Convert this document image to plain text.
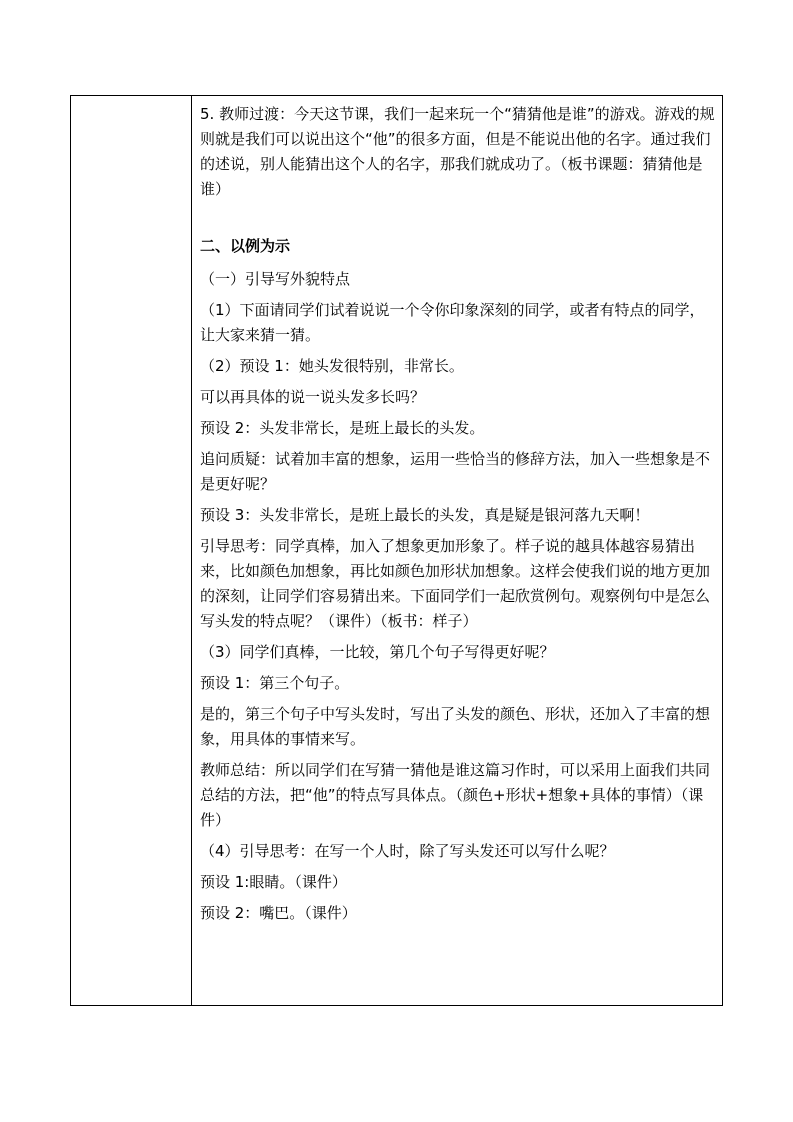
5. 教师过渡：今天这节课，我们一起来玩一个“猜猜他是谁”的游戏。游戏的规则就是我们可以说出这个“他”的很多方面，但是不能说出他的名字。通过我们的述说，别人能猜出这个人的名字，那我们就成功了。（板书课题：猜猜他是谁）

二、以例为示

（一）引导写外貌特点

（1）下面请同学们试着说说一个令你印象深刻的同学，或者有特点的同学，让大家来猜一猜。

（2）预设 1：她头发很特别，非常长。

可以再具体的说一说头发多长吗？

预设 2：头发非常长，是班上最长的头发。

追问质疑：试着加丰富的想象，运用一些恰当的修辞方法，加入一些想象是不是更好呢？

预设 3：头发非常长，是班上最长的头发，真是疑是银河落九天啊！

引导思考：同学真棒，加入了想象更加形象了。样子说的越具体越容易猜出来，比如颜色加想象，再比如颜色加形状加想象。这样会使我们说的地方更加的深刻，让同学们容易猜出来。下面同学们一起欣赏例句。观察例句中是怎么写头发的特点呢？（课件）（板书：样子）

（3）同学们真棒，一比较，第几个句子写得更好呢？

预设 1：第三个句子。

是的，第三个句子中写头发时，写出了头发的颜色、形状，还加入了丰富的想象，用具体的事情来写。

教师总结：所以同学们在写猜一猜他是谁这篇习作时，可以采用上面我们共同总结的方法，把“他”的特点写具体点。（颜色+形状+想象+具体的事情）（课件）

（4）引导思考：在写一个人时，除了写头发还可以写什么呢？

预设 1:眼睛。（课件）

预设 2：嘴巴。（课件）
